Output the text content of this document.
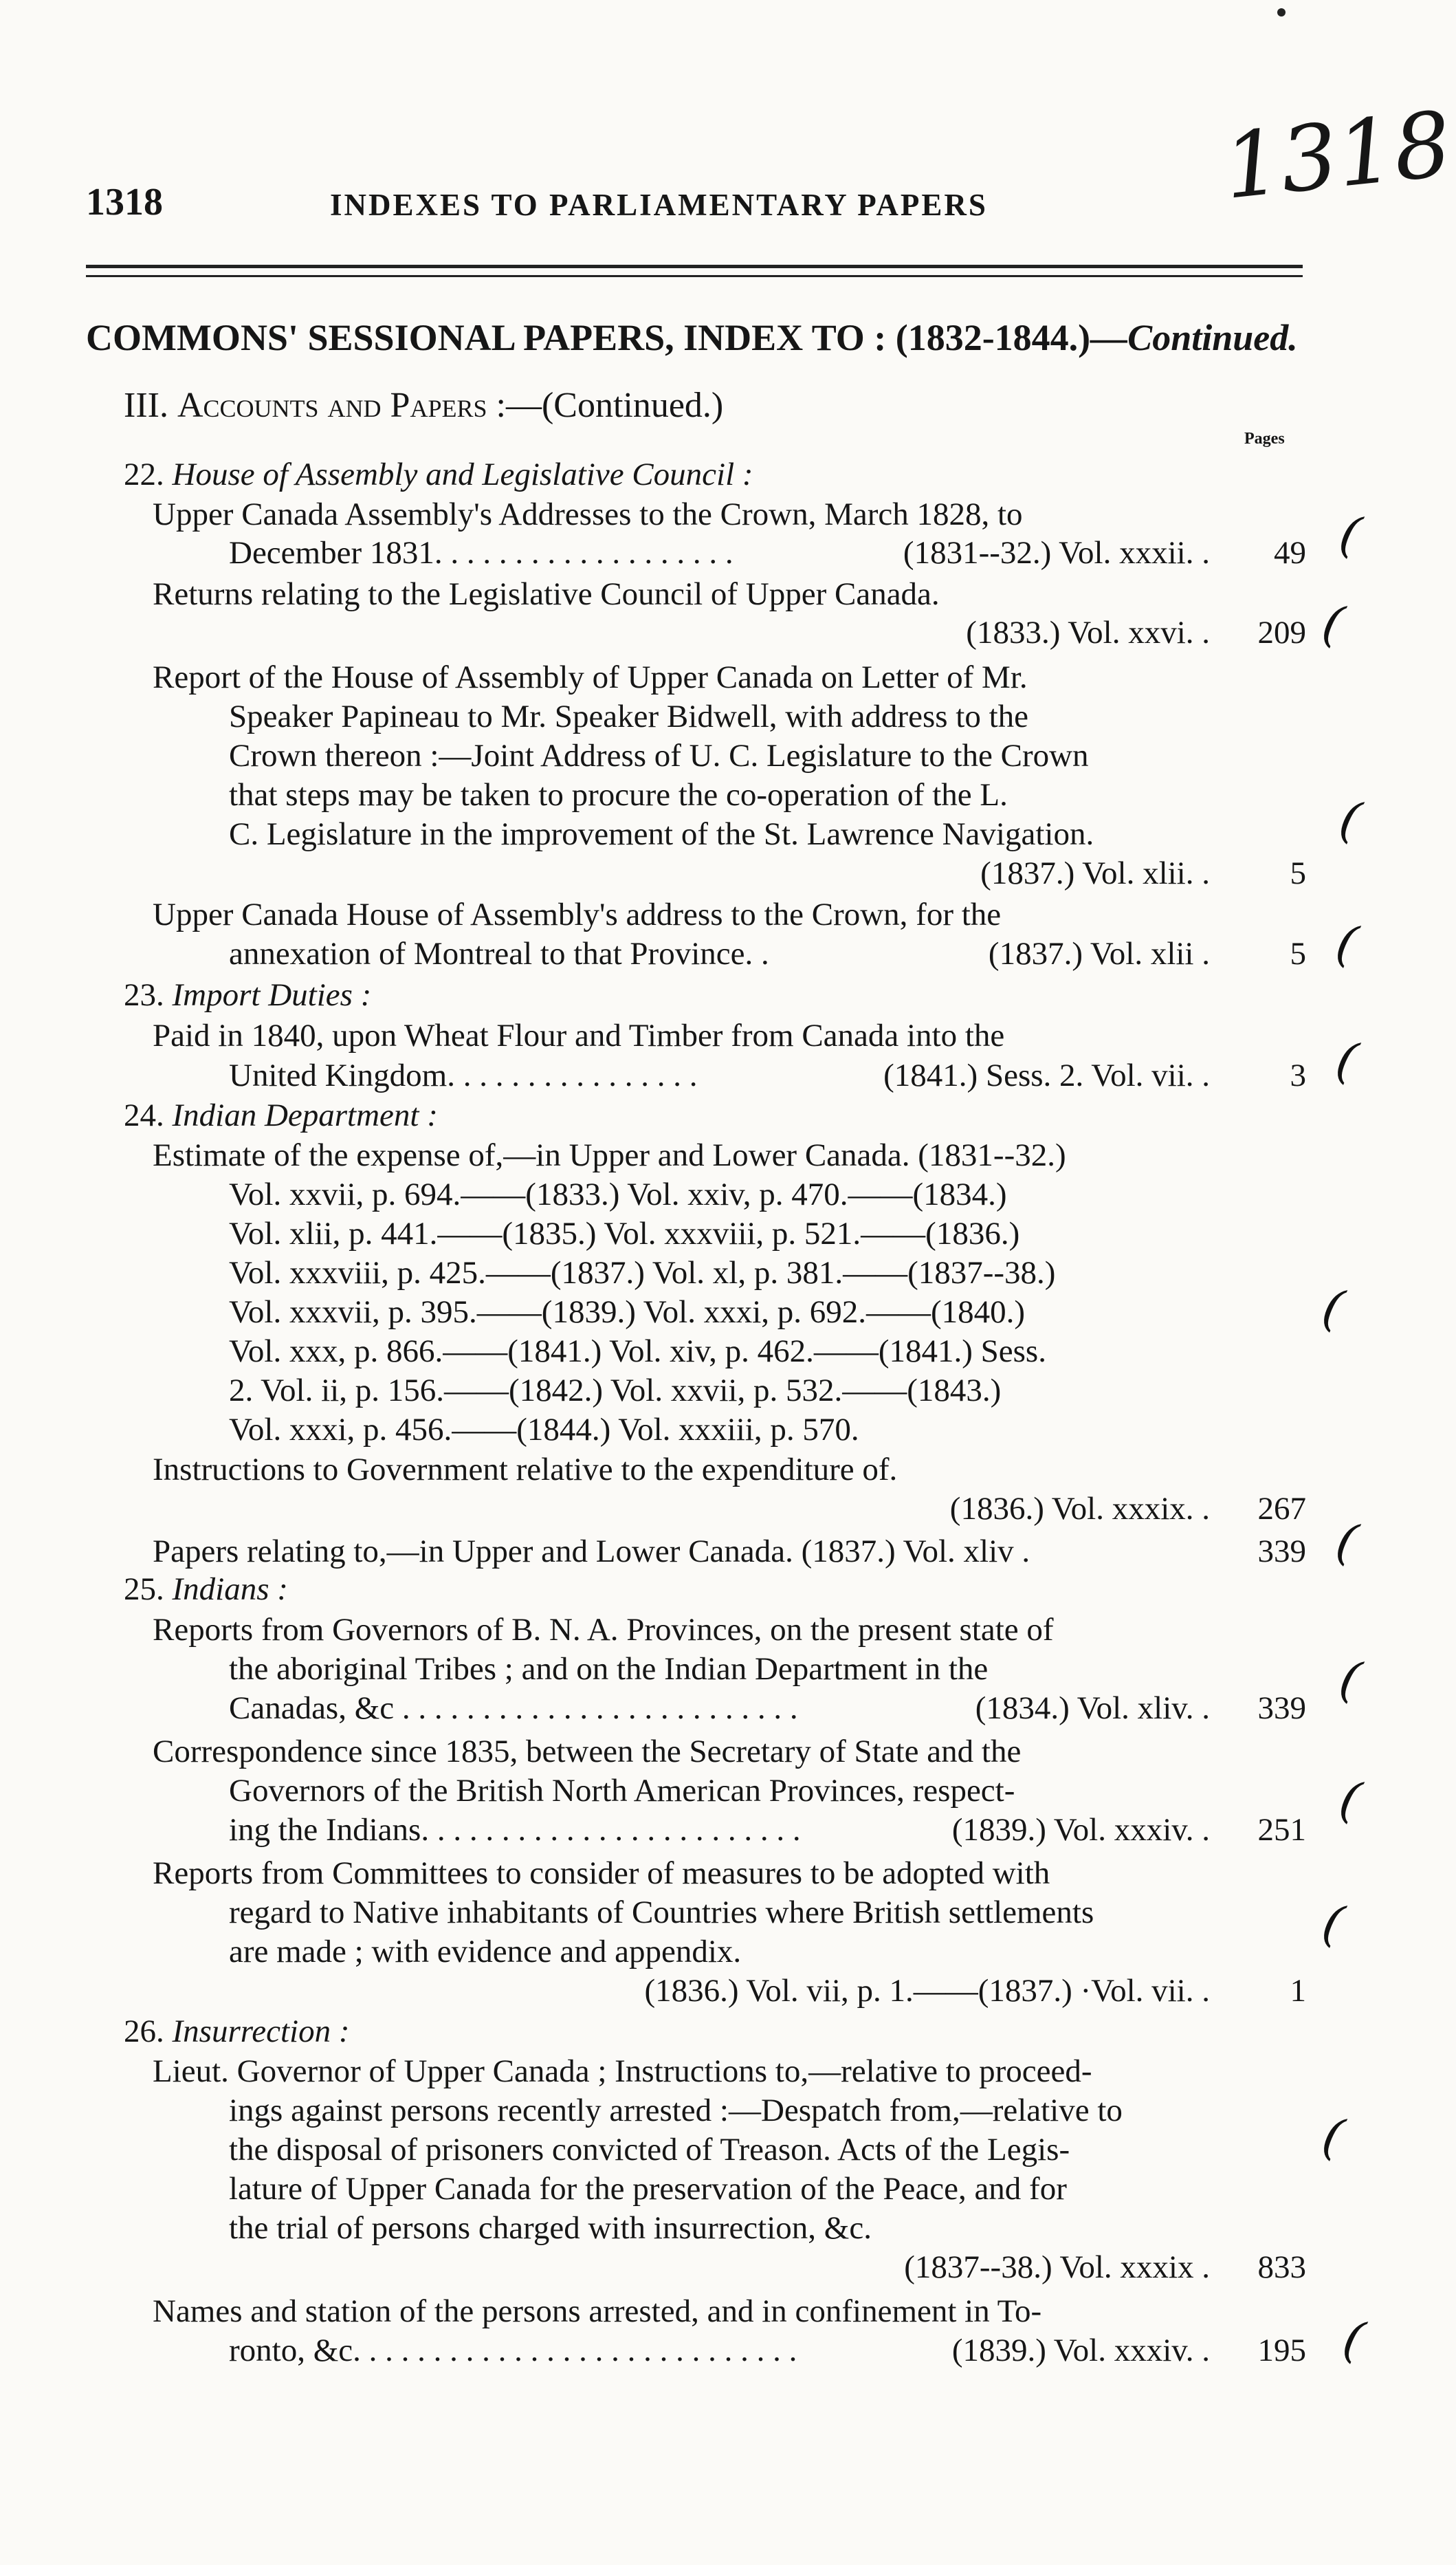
1318	INDEXES TO PARLIAMENTARY PAPERS	1318
COMMONS' SESSIONAL PAPERS, INDEX TO : (1832-1844.)—Continued.
III. Accounts and Papers :—(Continued.)
Pages
22. House of Assembly and Legislative Council :
Upper Canada Assembly's Addresses to the Crown, March 1828, to
December 1831. . . . . . . . . . . . . . . . . . .	(1831--32.) Vol. xxxii. .	49
Returns relating to the Legislative Council of Upper Canada.
(1833.) Vol. xxvi. .	209
Report of the House of Assembly of Upper Canada on Letter of Mr.
Speaker Papineau to Mr. Speaker Bidwell, with address to the
Crown thereon :—Joint Address of U. C. Legislature to the Crown
that steps may be taken to procure the co-operation of the L.
C. Legislature in the improvement of the St. Lawrence Navigation.
(1837.) Vol. xlii. .	5
Upper Canada House of Assembly's address to the Crown, for the
annexation of Montreal to that Province. .	(1837.) Vol. xlii .	5
23. Import Duties :
Paid in 1840, upon Wheat Flour and Timber from Canada into the
United Kingdom. . . . . . . . . . . . . . . .	(1841.) Sess. 2. Vol. vii. .	3
24. Indian Department :
Estimate of the expense of,—in Upper and Lower Canada. (1831--32.)
Vol. xxvii, p. 694.——(1833.) Vol. xxiv, p. 470.——(1834.)
Vol. xlii, p. 441.——(1835.) Vol. xxxviii, p. 521.——(1836.)
Vol. xxxviii, p. 425.——(1837.) Vol. xl, p. 381.——(1837--38.)
Vol. xxxvii, p. 395.——(1839.) Vol. xxxi, p. 692.——(1840.)
Vol. xxx, p. 866.——(1841.) Vol. xiv, p. 462.——(1841.) Sess.
2. Vol. ii, p. 156.——(1842.) Vol. xxvii, p. 532.——(1843.)
Vol. xxxi, p. 456.——(1844.) Vol. xxxiii, p. 570.
Instructions to Government relative to the expenditure of.
(1836.) Vol. xxxix. .	267
Papers relating to,—in Upper and Lower Canada. (1837.) Vol. xliv .	339
25. Indians :
Reports from Governors of B. N. A. Provinces, on the present state of
the aboriginal Tribes ; and on the Indian Department in the
Canadas, &c . . . . . . . . . . . . . . . . . . . . . . . . .	(1834.) Vol. xliv. .	339
Correspondence since 1835, between the Secretary of State and the
Governors of the British North American Provinces, respect-
ing the Indians. . . . . . . . . . . . . . . . . . . . . . . .	(1839.) Vol. xxxiv. .	251
Reports from Committees to consider of measures to be adopted with
regard to Native inhabitants of Countries where British settlements
are made ; with evidence and appendix.
(1836.) Vol. vii, p. 1.——(1837.) ·Vol. vii. .	1
26. Insurrection :
Lieut. Governor of Upper Canada ; Instructions to,—relative to proceed-
ings against persons recently arrested :—Despatch from,—relative to
the disposal of prisoners convicted of Treason. Acts of the Legis-
lature of Upper Canada for the preservation of the Peace, and for
the trial of persons charged with insurrection, &c.
(1837--38.) Vol. xxxix .	833
Names and station of the persons arrested, and in confinement in To-
ronto, &c. . . . . . . . . . . . . . . . . . . . . . . . . . . .	(1839.) Vol. xxxiv. .	195
(
(
(
(
(
(
(
(
(
(
(
(
